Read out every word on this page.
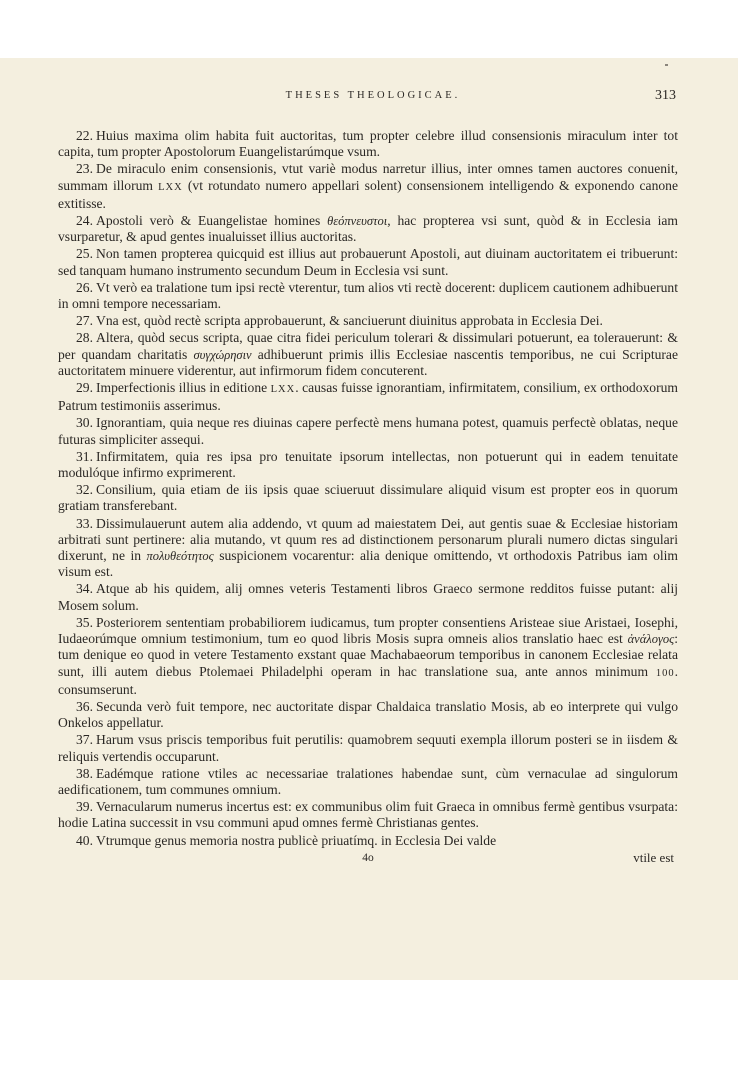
THESES THEOLOGICAE.	313

22. Huius maxima olim habita fuit auctoritas, tum propter celebre illud consensionis miraculum inter tot capita, tum propter Apostolorum Euangelistarúmque vsum.

23. De miraculo enim consensionis, vtut variè modus narretur illius, inter omnes tamen auctores conuenit, summam illorum LXX (vt rotundato numero appellari solent) consensionem intelligendo & exponendo canone extitisse.

24. Apostoli verò & Euangelistae homines θεόπνευστοι, hac propterea vsi sunt, quòd & in Ecclesia iam vsurparetur, & apud gentes inualuisset illius auctoritas.

25. Non tamen propterea quicquid est illius aut probauerunt Apostoli, aut diuinam auctoritatem ei tribuerunt: sed tanquam humano instrumento secundum Deum in Ecclesia vsi sunt.

26. Vt verò ea tralatione tum ipsi rectè vterentur, tum alios vti rectè docerent: duplicem cautionem adhibuerunt in omni tempore necessariam.

27. Vna est, quòd rectè scripta approbauerunt, & sanciuerunt diuinitus approbata in Ecclesia Dei.

28. Altera, quòd secus scripta, quae citra fidei periculum tolerari & dissimulari potuerunt, ea tolerauerunt: & per quandam charitatis συγχώρησιν adhibuerunt primis illis Ecclesiae nascentis temporibus, ne cui Scripturae auctoritatem minuere viderentur, aut infirmorum fidem concuterent.

29. Imperfectionis illius in editione LXX. causas fuisse ignorantiam, infirmitatem, consilium, ex orthodoxorum Patrum testimoniis asserimus.

30. Ignorantiam, quia neque res diuinas capere perfectè mens humana potest, quamuis perfectè oblatas, neque futuras simpliciter assequi.

31. Infirmitatem, quia res ipsa pro tenuitate ipsorum intellectas, non potuerunt qui in eadem tenuitate modulóque infirmo exprimerent.

32. Consilium, quia etiam de iis ipsis quae sciueruut dissimulare aliquid visum est propter eos in quorum gratiam transferebant.

33. Dissimulauerunt autem alia addendo, vt quum ad maiestatem Dei, aut gentis suae & Ecclesiae historiam arbitrati sunt pertinere: alia mutando, vt quum res ad distinctionem personarum plurali numero dictas singulari dixerunt, ne in πολυθεότητος suspicionem vocarentur: alia denique omittendo, vt orthodoxis Patribus iam olim visum est.

34. Atque ab his quidem, alij omnes veteris Testamenti libros Graeco sermone redditos fuisse putant: alij Mosem solum.

35. Posteriorem sententiam probabiliorem iudicamus, tum propter consentiens Aristeae siue Aristaei, Iosephi, Iudaeorúmque omnium testimonium, tum eo quod libris Mosis supra omneis alios translatio haec est ἀνάλογος: tum denique eo quod in vetere Testamento exstant quae Machabaeorum temporibus in canonem Ecclesiae relata sunt, illi autem diebus Ptolemaei Philadelphi operam in hac translatione sua, ante annos minimum 100. consumserunt.

36. Secunda verò fuit tempore, nec auctoritate dispar Chaldaica translatio Mosis, ab eo interprete qui vulgo Onkelos appellatur.

37. Harum vsus priscis temporibus fuit perutilis: quamobrem sequuti exempla illorum posteri se in iisdem & reliquis vertendis occuparunt.

38. Eadémque ratione vtiles ac necessariae tralationes habendae sunt, cùm vernaculae ad singulorum aedificationem, tum communes omnium.

39. Vernacularum numerus incertus est: ex communibus olim fuit Graeca in omnibus fermè gentibus vsurpata: hodie Latina successit in vsu communi apud omnes fermè Christianas gentes.

40. Vtrumque genus memoria nostra publicè priuatímq. in Ecclesia Dei valde

4o	vtile est
